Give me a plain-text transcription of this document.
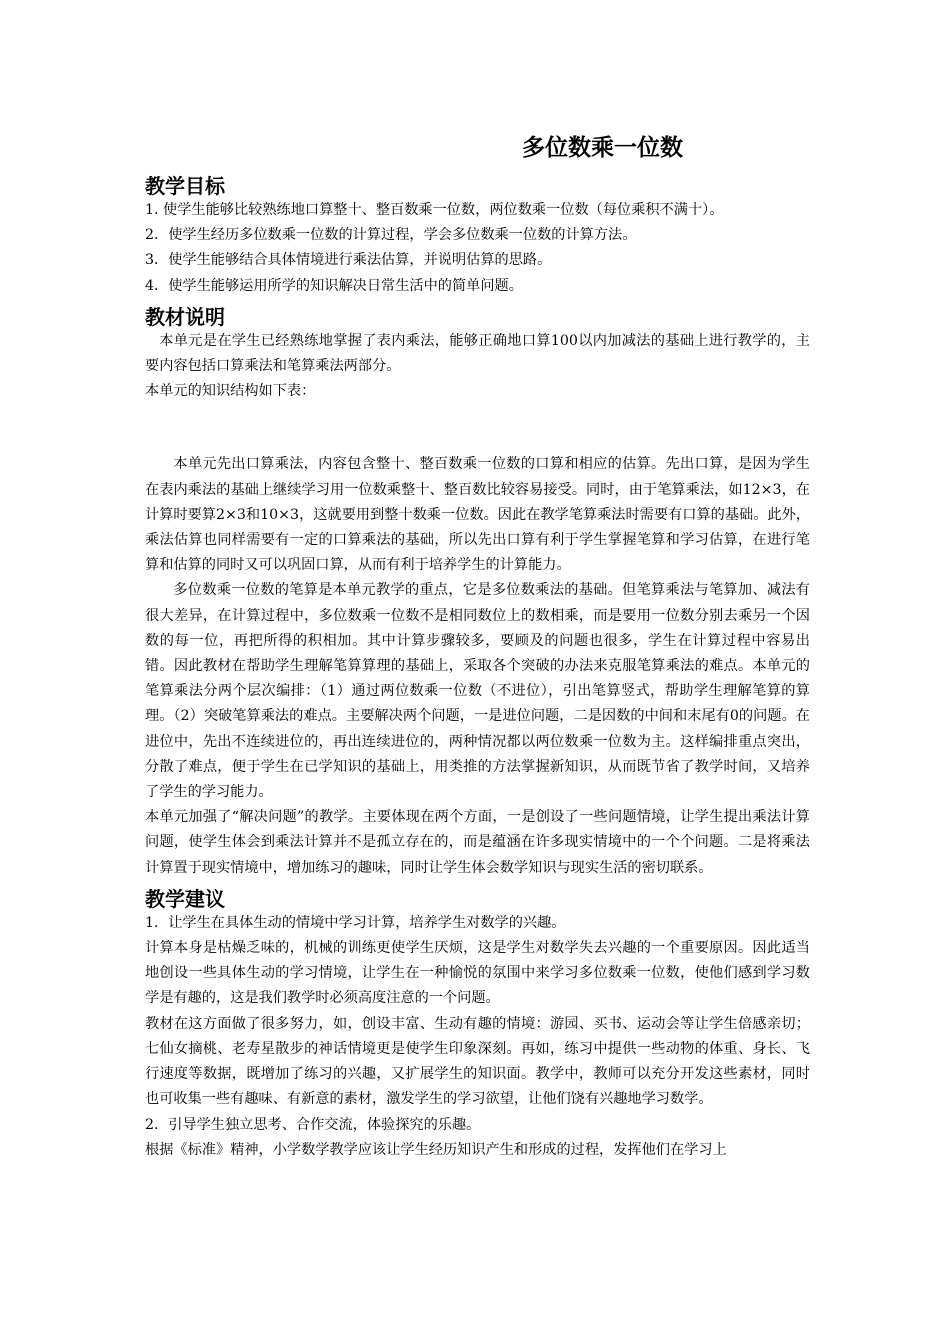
多位数乘一位数
教学目标

1. 使学生能够比较熟练地口算整十、整百数乘一位数，两位数乘一位数（每位乘积不满十）。

2．使学生经历多位数乘一位数的计算过程，学会多位数乘一位数的计算方法。

3．使学生能够结合具体情境进行乘法估算，并说明估算的思路。

4．使学生能够运用所学的知识解决日常生活中的简单问题。

教材说明

本单元是在学生已经熟练地掌握了表内乘法，能够正确地口算100以内加减法的基础上进行教学的，主要内容包括口算乘法和笔算乘法两部分。

本单元的知识结构如下表：

本单元先出口算乘法，内容包含整十、整百数乘一位数的口算和相应的估算。先出口算，是因为学生在表内乘法的基础上继续学习用一位数乘整十、整百数比较容易接受。同时，由于笔算乘法，如12×3，在计算时要算2×3和10×3，这就要用到整十数乘一位数。因此在教学笔算乘法时需要有口算的基础。此外，乘法估算也同样需要有一定的口算乘法的基础，所以先出口算有利于学生掌握笔算和学习估算，在进行笔算和估算的同时又可以巩固口算，从而有利于培养学生的计算能力。

多位数乘一位数的笔算是本单元教学的重点，它是多位数乘法的基础。但笔算乘法与笔算加、减法有很大差异，在计算过程中，多位数乘一位数不是相同数位上的数相乘，而是要用一位数分别去乘另一个因数的每一位，再把所得的积相加。其中计算步骤较多，要顾及的问题也很多，学生在计算过程中容易出错。因此教材在帮助学生理解笔算算理的基础上，采取各个突破的办法来克服笔算乘法的难点。本单元的笔算乘法分两个层次编排：（1）通过两位数乘一位数（不进位），引出笔算竖式，帮助学生理解笔算的算理。（2）突破笔算乘法的难点。主要解决两个问题，一是进位问题，二是因数的中间和末尾有0的问题。在进位中，先出不连续进位的，再出连续进位的，两种情况都以两位数乘一位数为主。这样编排重点突出，分散了难点，便于学生在已学知识的基础上，用类推的方法掌握新知识，从而既节省了教学时间，又培养了学生的学习能力。

本单元加强了“解决问题”的教学。主要体现在两个方面，一是创设了一些问题情境，让学生提出乘法计算问题，使学生体会到乘法计算并不是孤立存在的，而是蕴涵在许多现实情境中的一个个问题。二是将乘法计算置于现实情境中，增加练习的趣味，同时让学生体会数学知识与现实生活的密切联系。

教学建议

1．让学生在具体生动的情境中学习计算，培养学生对数学的兴趣。

计算本身是枯燥乏味的，机械的训练更使学生厌烦，这是学生对数学失去兴趣的一个重要原因。因此适当地创设一些具体生动的学习情境，让学生在一种愉悦的氛围中来学习多位数乘一位数，使他们感到学习数学是有趣的，这是我们教学时必须高度注意的一个问题。

教材在这方面做了很多努力，如，创设丰富、生动有趣的情境：游园、买书、运动会等让学生倍感亲切；七仙女摘桃、老寿星散步的神话情境更是使学生印象深刻。再如，练习中提供一些动物的体重、身长、飞行速度等数据，既增加了练习的兴趣，又扩展学生的知识面。教学中，教师可以充分开发这些素材，同时也可收集一些有趣味、有新意的素材，激发学生的学习欲望，让他们饶有兴趣地学习数学。

2．引导学生独立思考、合作交流，体验探究的乐趣。

根据《标准》精神，小学数学教学应该让学生经历知识产生和形成的过程，发挥他们在学习上
